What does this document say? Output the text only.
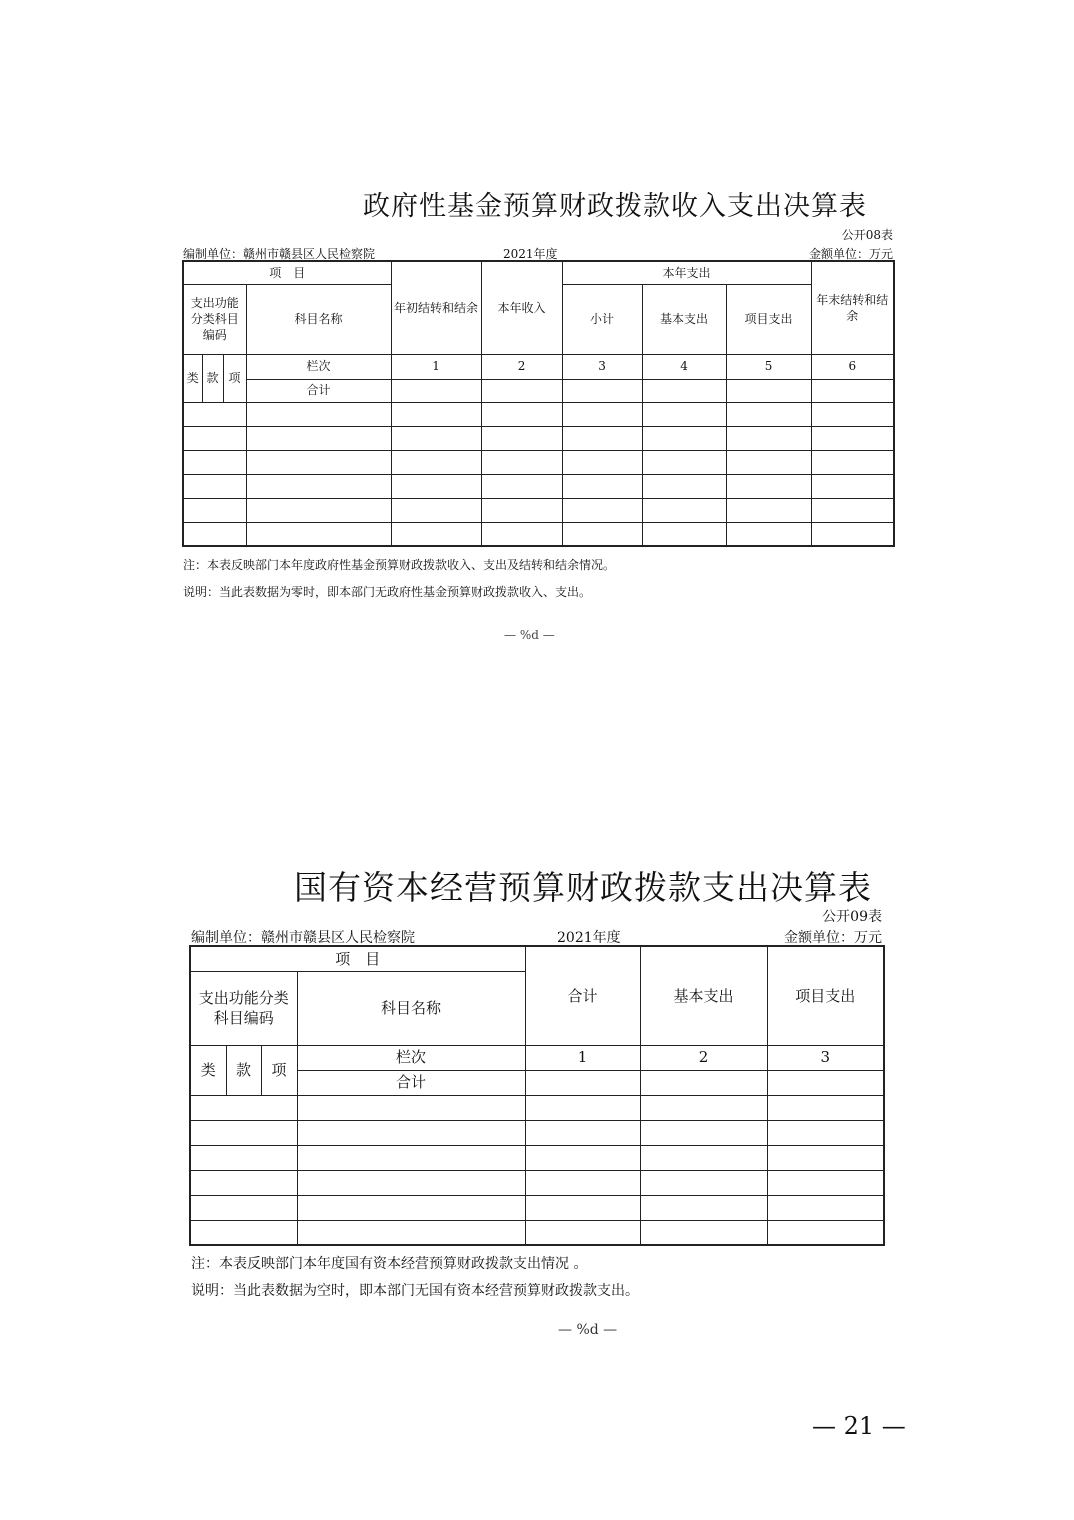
政府性基金预算财政拨款收入支出决算表
公开08表
编制单位：赣州市赣县区人民检察院	2021年度	金额单位：万元
项　目				年初结转和结余	本年收入	本年支出			年末结转和结余
支出功能分类科目编码			科目名称			小计	基本支出	项目支出	
类	款	项	栏次	1	2	3	4	5	6
			合计						

注：本表反映部门本年度政府性基金预算财政拨款收入、支出及结转和结余情况。
说明：当此表数据为零时，即本部门无政府性基金预算财政拨款收入、支出。
— %d —
国有资本经营预算财政拨款支出决算表
公开09表
编制单位：赣州市赣县区人民检察院	2021年度	金额单位：万元
项　目				合计	基本支出	项目支出
支出功能分类科目编码			科目名称			
类	款	项	栏次	1	2	3
			合计			

注：本表反映部门本年度国有资本经营预算财政拨款支出情况 。
说明：当此表数据为空时，即本部门无国有资本经营预算财政拨款支出。
— %d —
— 21 —
